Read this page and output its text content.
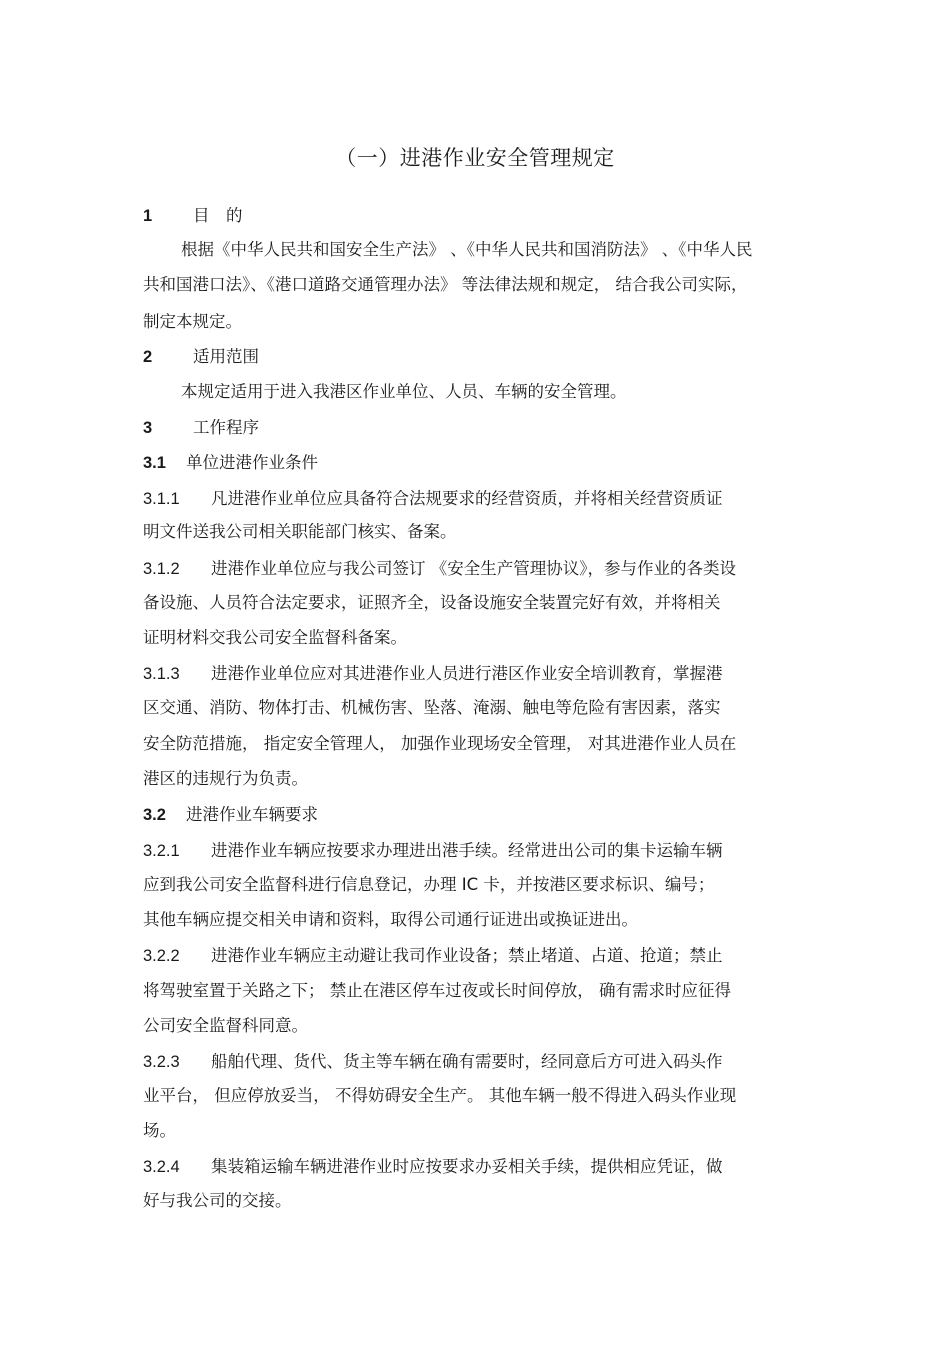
（一）进港作业安全管理规定
1 目　的
根据《中华人民共和国安全生产法》 、《中华人民共和国消防法》 、《中华人民
共和国港口法》、《港口道路交通管理办法》 等法律法规和规定， 结合我公司实际，
制定本规定。
2 适用范围
本规定适用于进入我港区作业单位、人员、车辆的安全管理。
3 工作程序
3.1 单位进港作业条件
3.1.1 凡进港作业单位应具备符合法规要求的经营资质，并将相关经营资质证
明文件送我公司相关职能部门核实、备案。
3.1.2 进港作业单位应与我公司签订 《安全生产管理协议》，参与作业的各类设
备设施、人员符合法定要求，证照齐全，设备设施安全装置完好有效，并将相关
证明材料交我公司安全监督科备案。
3.1.3 进港作业单位应对其进港作业人员进行港区作业安全培训教育，掌握港
区交通、消防、物体打击、机械伤害、坠落、淹溺、触电等危险有害因素，落实
安全防范措施， 指定安全管理人， 加强作业现场安全管理， 对其进港作业人员在
港区的违规行为负责。
3.2 进港作业车辆要求
3.2.1 进港作业车辆应按要求办理进出港手续。经常进出公司的集卡运输车辆
应到我公司安全监督科进行信息登记，办理 IC 卡，并按港区要求标识、编号；
其他车辆应提交相关申请和资料，取得公司通行证进出或换证进出。
3.2.2 进港作业车辆应主动避让我司作业设备；禁止堵道、占道、抢道；禁止
将驾驶室置于关路之下； 禁止在港区停车过夜或长时间停放， 确有需求时应征得
公司安全监督科同意。
3.2.3 船舶代理、货代、货主等车辆在确有需要时，经同意后方可进入码头作
业平台， 但应停放妥当， 不得妨碍安全生产。 其他车辆一般不得进入码头作业现
场。
3.2.4 集装箱运输车辆进港作业时应按要求办妥相关手续，提供相应凭证，做
好与我公司的交接。
